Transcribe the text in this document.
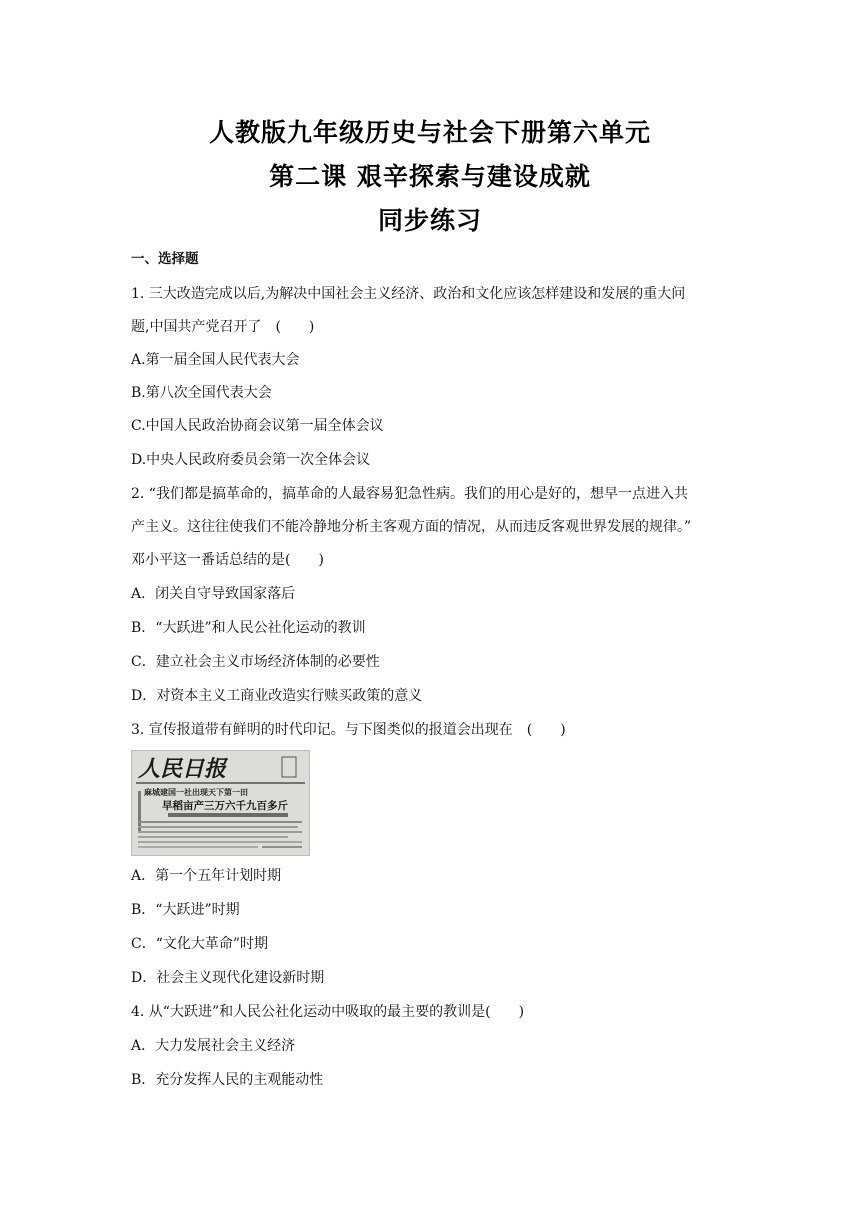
人教版九年级历史与社会下册第六单元
第二课 艰辛探索与建设成就
同步练习
一、选择题
1. 三大改造完成以后,为解决中国社会主义经济、政治和文化应该怎样建设和发展的重大问
题,中国共产党召开了　(　　)
A.第一届全国人民代表大会
B.第八次全国代表大会
C.中国人民政治协商会议第一届全体会议
D.中央人民政府委员会第一次全体会议
2. “我们都是搞革命的，搞革命的人最容易犯急性病。我们的用心是好的，想早一点进入共
产主义。这往往使我们不能冷静地分析主客观方面的情况，从而违反客观世界发展的规律。”
邓小平这一番话总结的是(　　)
A．闭关自守导致国家落后
B．“大跃进”和人民公社化运动的教训
C．建立社会主义市场经济体制的必要性
D．对资本主义工商业改造实行赎买政策的意义
3. 宣传报道带有鲜明的时代印记。与下图类似的报道会出现在　(　　)
人民日报
麻城建国一社出现天下第一田
早稻亩产三万六千九百多斤
A．第一个五年计划时期
B．“大跃进”时期
C．“文化大革命”时期
D．社会主义现代化建设新时期
4. 从“大跃进”和人民公社化运动中吸取的最主要的教训是(　　)
A．大力发展社会主义经济
B．充分发挥人民的主观能动性
